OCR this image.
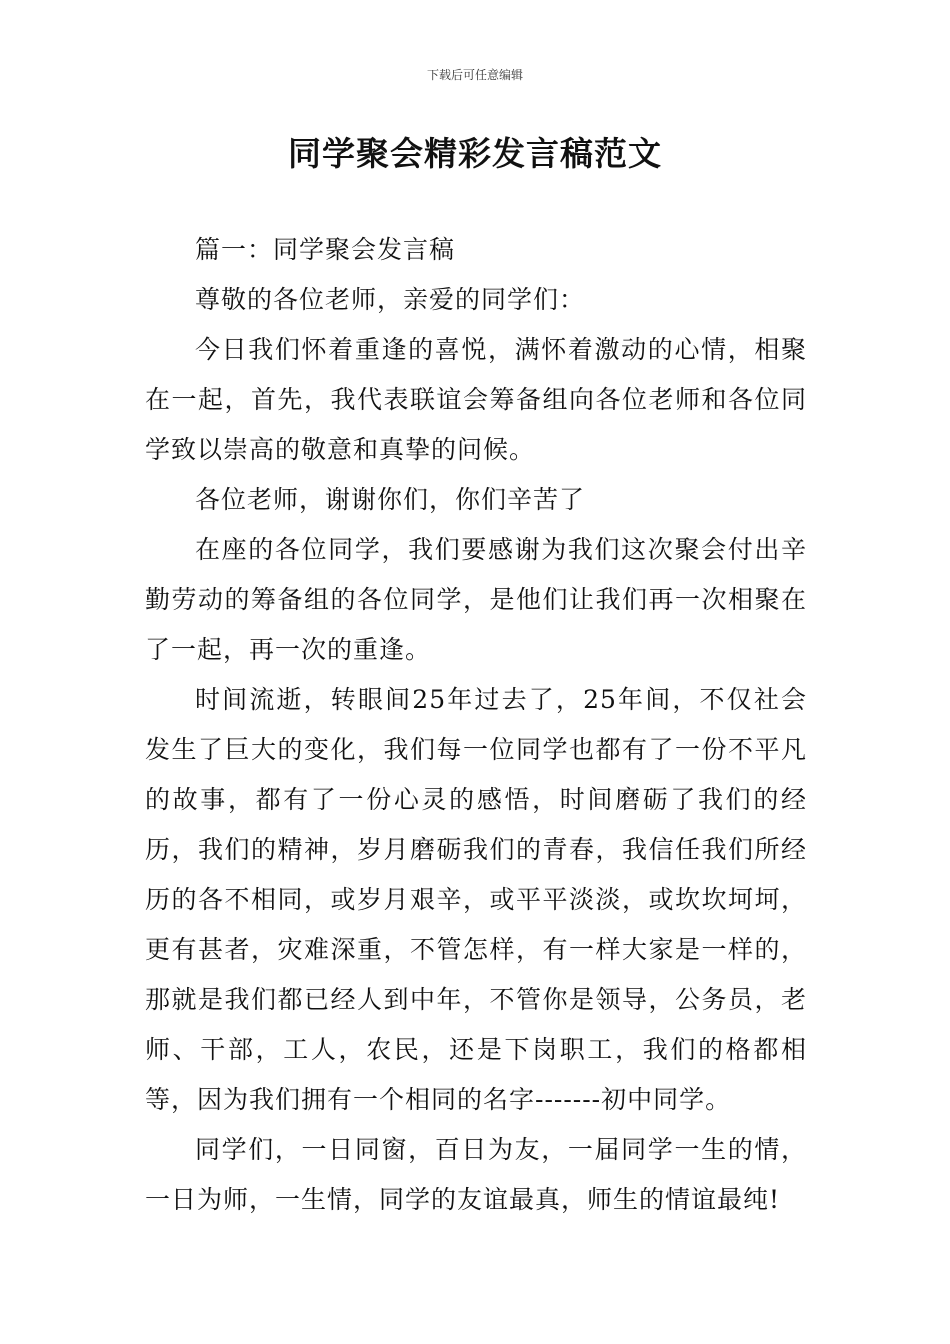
下载后可任意编辑
同学聚会精彩发言稿范文

篇一：同学聚会发言稿

尊敬的各位老师，亲爱的同学们：

今日我们怀着重逢的喜悦，满怀着激动的心情，相聚在一起，首先，我代表联谊会筹备组向各位老师和各位同学致以崇高的敬意和真挚的问候。

各位老师，谢谢你们，你们辛苦了

在座的各位同学，我们要感谢为我们这次聚会付出辛勤劳动的筹备组的各位同学，是他们让我们再一次相聚在了一起，再一次的重逢。

时间流逝，转眼间25年过去了，25年间，不仅社会发生了巨大的变化，我们每一位同学也都有了一份不平凡的故事，都有了一份心灵的感悟，时间磨砺了我们的经历，我们的精神，岁月磨砺我们的青春，我信任我们所经历的各不相同，或岁月艰辛，或平平淡淡，或坎坎坷坷，更有甚者，灾难深重，不管怎样，有一样大家是一样的，那就是我们都已经人到中年，不管你是领导，公务员，老师、干部，工人，农民，还是下岗职工，我们的格都相等，因为我们拥有一个相同的名字-------初中同学。

同学们，一日同窗，百日为友，一届同学一生的情，一日为师，一生情，同学的友谊最真，师生的情谊最纯!
